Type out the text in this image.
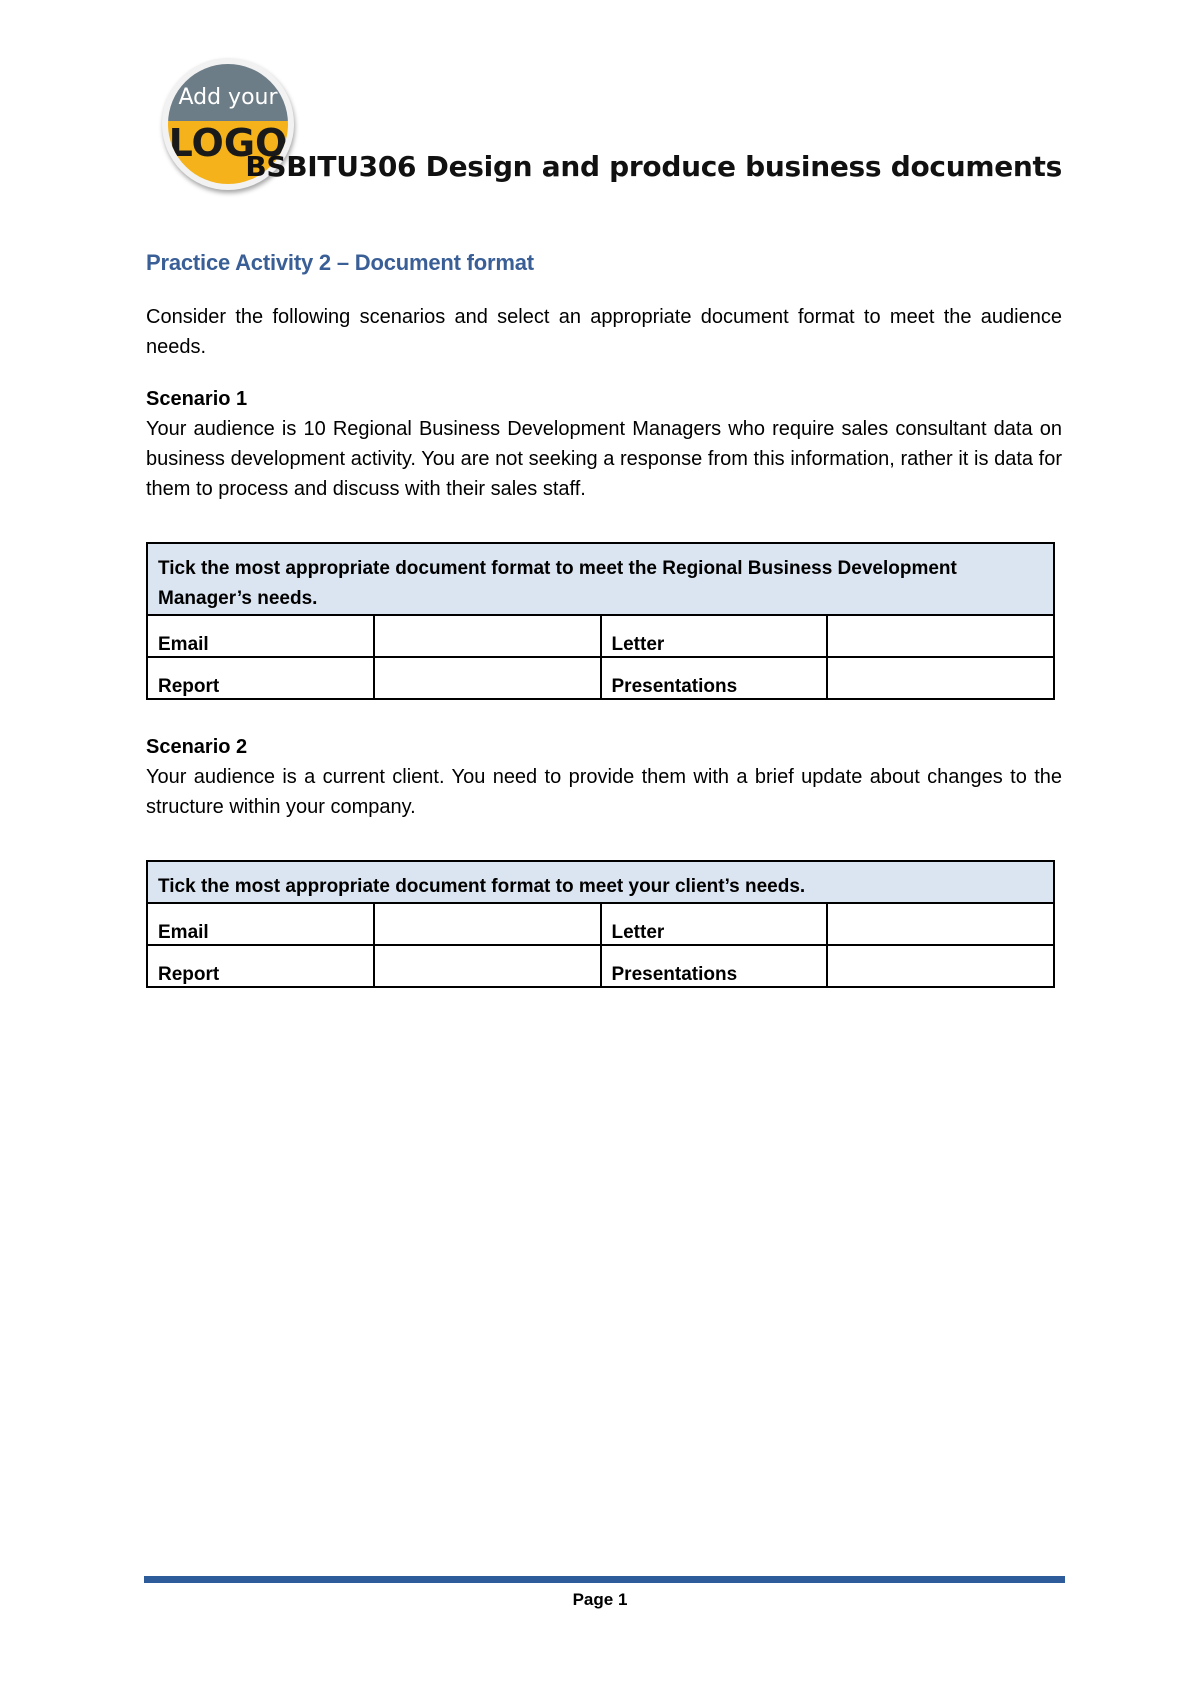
Add your
LOGO
BSBITU306 Design and produce business documents
Practice Activity 2 – Document format

Consider the following scenarios and select an appropriate document format to meet the audience needs.

Scenario 1

Your audience is 10 Regional Business Development Managers who require sales consultant data on business development activity. You are not seeking a response from this information, rather it is data for them to process and discuss with their sales staff.

Tick the most appropriate document format to meet the Regional Business Development Manager’s needs.			
Email		Letter	
Report		Presentations	

Scenario 2

Your audience is a current client. You need to provide them with a brief update about changes to the structure within your company.

Tick the most appropriate document format to meet your client’s needs.			
Email		Letter	
Report		Presentations	
Page 1
